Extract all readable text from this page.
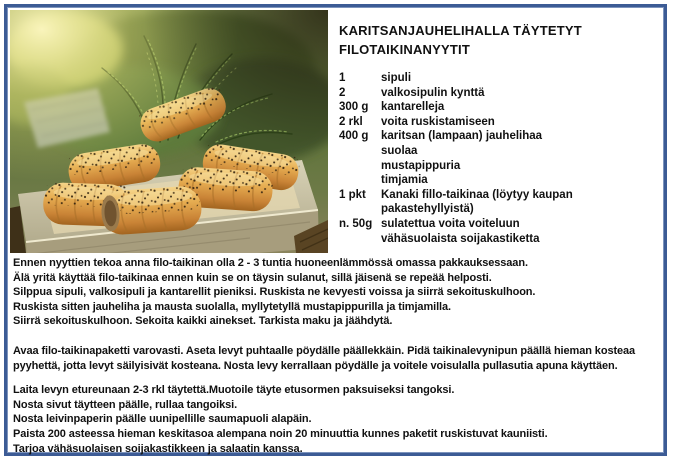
KARITSANJAUHELIHALLA TÄYTETYT
FILOTAIKINANYYTIT
1	sipuli
2	valkosipulin kynttä
300 g	kantarelleja
2 rkl	voita ruskistamiseen
400 g	karitsan (lampaan) jauhelihaa
suolaa
mustapippuria
timjamia
1 pkt	Kanaki fillo-taikinaa (löytyy kaupan pakastehyllyistä)
n. 50g sulatettua voita voiteluun
vähäsuolaista soijakastiketta
Ennen nyyttien tekoa anna filo-taikinan olla 2 - 3 tuntia huoneenlämmössä omassa pakkauksessaan.
Älä yritä käyttää filo-taikinaa ennen kuin se on täysin sulanut, sillä jäisenä se repeää helposti.
Silppua sipuli, valkosipuli ja kantarellit pieniksi. Ruskista ne kevyesti voissa ja siirrä sekoituskulhoon.
Ruskista sitten jauheliha ja mausta suolalla, myllytetyllä mustapippurilla ja timjamilla.
Siirrä sekoituskulhoon. Sekoita kaikki ainekset. Tarkista maku ja jäähdytä.
Avaa filo-taikinapaketti varovasti. Aseta levyt puhtaalle pöydälle päällekkäin. Pidä taikinalevynipun päällä hieman kosteaa
pyyhettä, jotta levyt säilyisivät kosteana. Nosta levy kerrallaan pöydälle ja voitele voisulalla pullasutia apuna käyttäen.
Laita levyn etureunaan 2-3 rkl täytettä.Muotoile täyte etusormen paksuiseksi tangoksi.
Nosta sivut täytteen päälle, rullaa tangoiksi.
Nosta leivinpaperin päälle uunipellille saumapuoli alapäin.
Paista 200 asteessa hieman keskitasoa alempana noin 20 minuuttia kunnes paketit ruskistuvat kauniisti.
Tarjoa vähäsuolaisen soijakastikkeen ja salaatin kanssa.
